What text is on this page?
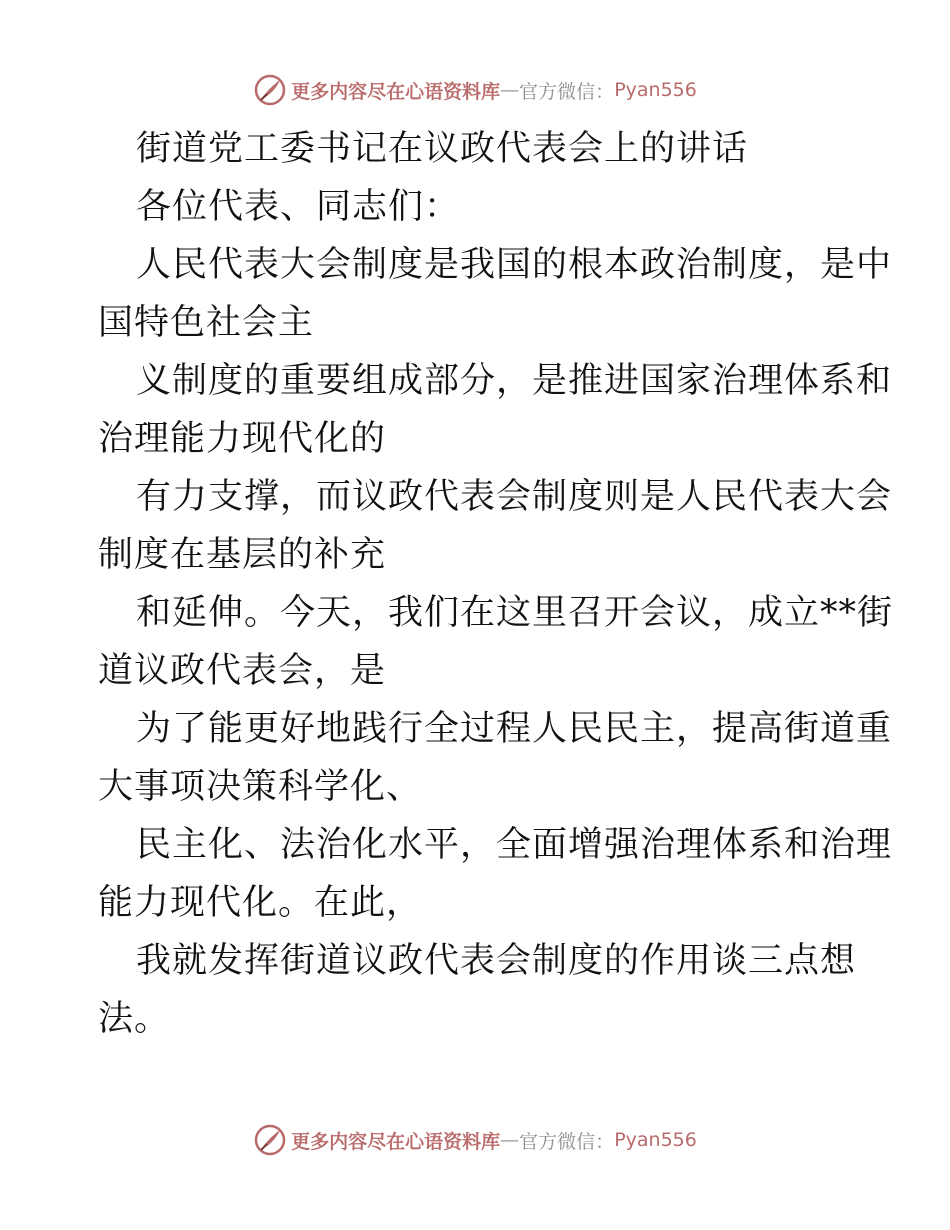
更多内容尽在心语资料库 — 官方微信： Pyan556
街道党工委书记在议政代表会上的讲话
各位代表、同志们：
人民代表大会制度是我国的根本政治制度，是中
国特色社会主
义制度的重要组成部分，是推进国家治理体系和
治理能力现代化的
有力支撑，而议政代表会制度则是人民代表大会
制度在基层的补充
和延伸。今天，我们在这里召开会议，成立**街
道议政代表会，是
为了能更好地践行全过程人民民主，提高街道重
大事项决策科学化、
民主化、法治化水平，全面增强治理体系和治理
能力现代化。在此，
我就发挥街道议政代表会制度的作用谈三点想
法。
更多内容尽在心语资料库 — 官方微信： Pyan556
